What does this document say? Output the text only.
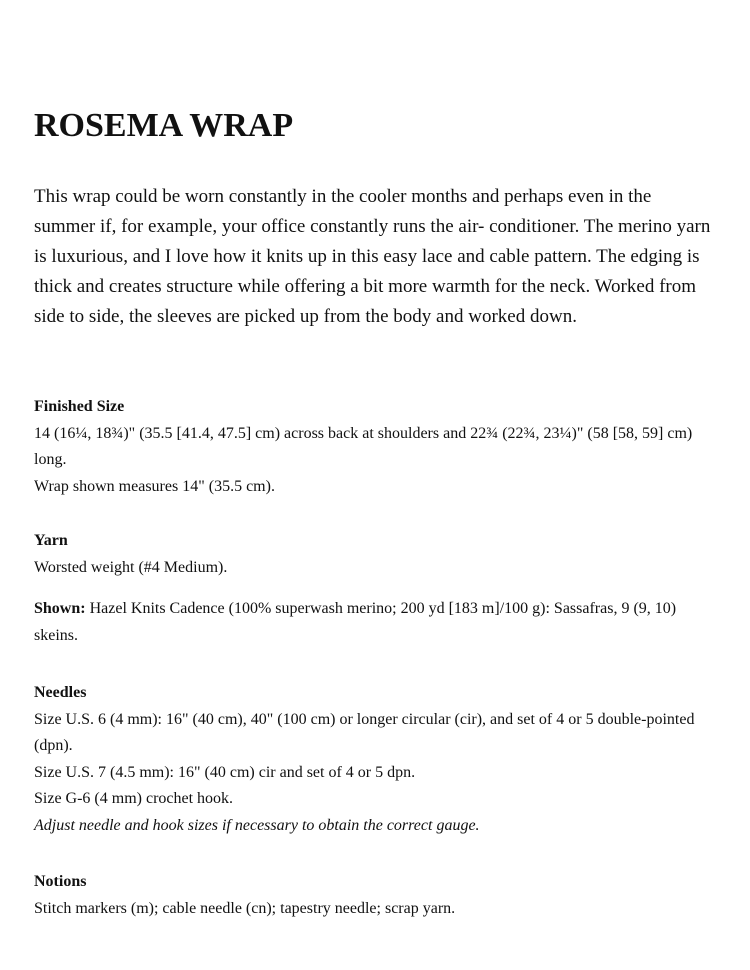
ROSEMA WRAP

This wrap could be worn constantly in the cooler months and perhaps even in the summer if, for example, your office constantly runs the air- conditioner. The merino yarn is luxurious, and I love how it knits up in this easy lace and cable pattern. The edging is thick and creates structure while offering a bit more warmth for the neck. Worked from side to side, the sleeves are picked up from the body and worked down.

Finished Size

14 (16¼, 18¾)" (35.5 [41.4, 47.5] cm) across back at shoulders and 22¾ (22¾, 23¼)" (58 [58, 59] cm) long.

Wrap shown measures 14" (35.5 cm).

Yarn

Worsted weight (#4 Medium).

Shown: Hazel Knits Cadence (100% superwash merino; 200 yd [183 m]/100 g): Sassafras, 9 (9, 10) skeins.

Needles

Size U.S. 6 (4 mm): 16" (40 cm), 40" (100 cm) or longer circular (cir), and set of 4 or 5 double-pointed (dpn).

Size U.S. 7 (4.5 mm): 16" (40 cm) cir and set of 4 or 5 dpn.

Size G-6 (4 mm) crochet hook.

Adjust needle and hook sizes if necessary to obtain the correct gauge.

Notions

Stitch markers (m); cable needle (cn); tapestry needle; scrap yarn.
